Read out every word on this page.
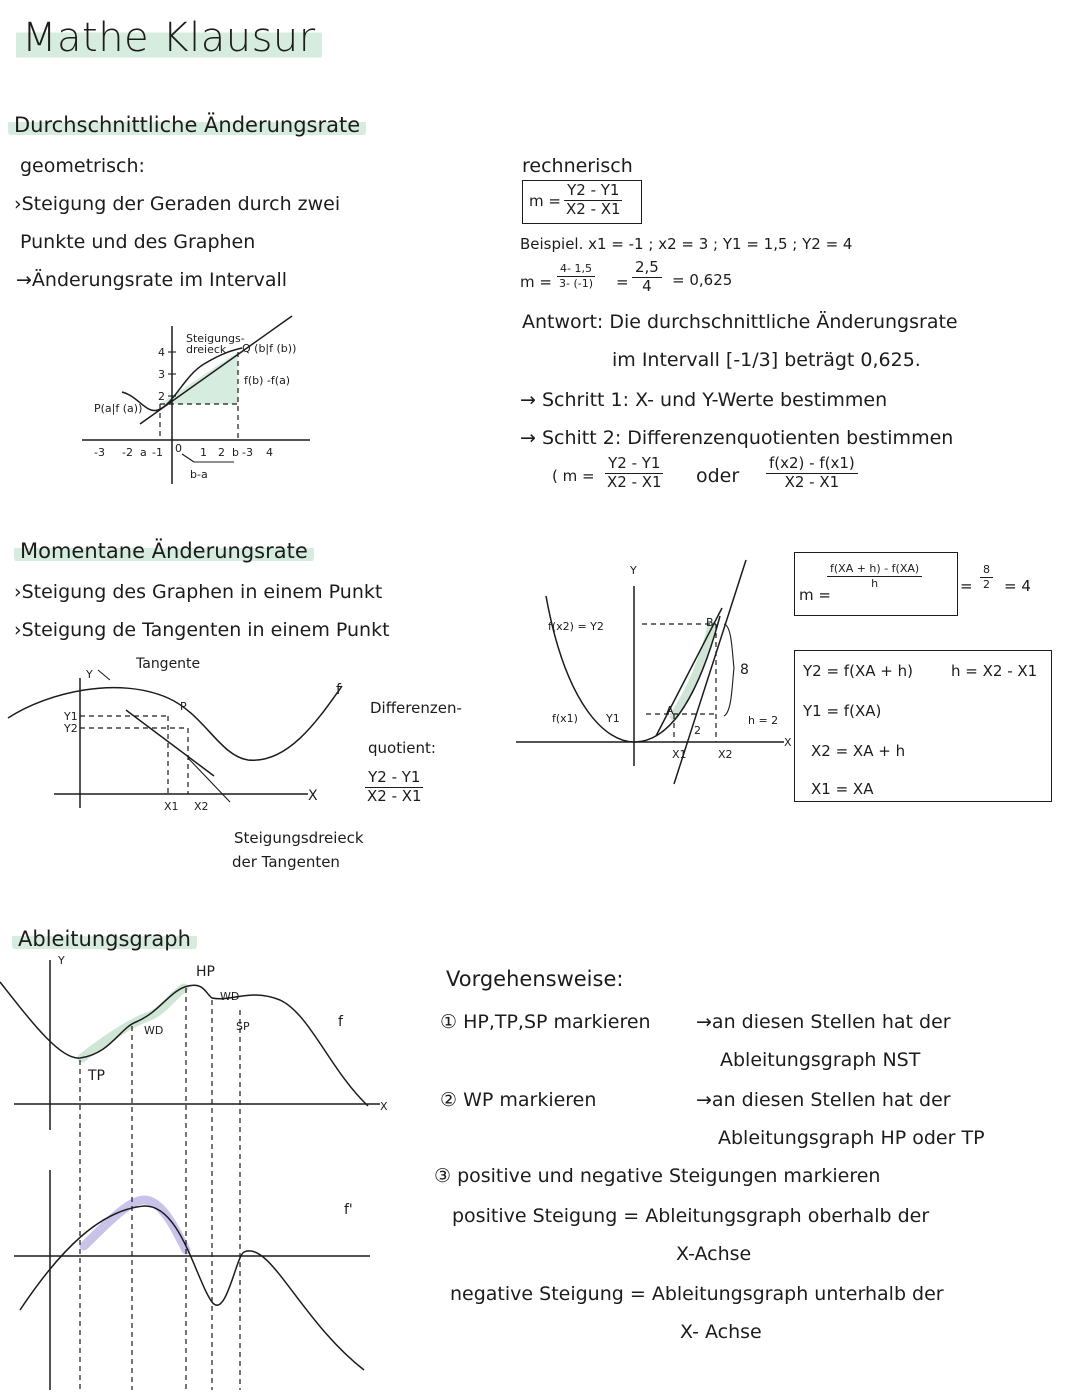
Mathe Klausur
Durchschnittliche Änderungsrate
geometrisch:
›Steigung der Geraden durch zwei
Punkte und des Graphen
→Änderungsrate im Intervall
Steigungs-dreieck	Q (b|f (b))
f(b) -f(a)
P(a|f (a))
b-a
4
3
2
-3 -2 a -1 0 1 2 b -3 4
rechnerisch
$m = \frac{Y2 - Y1}{X2 - X1}$
Beispiel. x1 = -1 ; x2 = 3 ; Y1 = 1,5 ; Y2 = 4
$m = \frac{4- 1,5}{3- (-1)} = \frac{2,5}{4} = 0,625$
Antwort: Die durchschnittliche Änderungsrate
im Intervall [-1/3] beträgt 0,625.
→ Schritt 1: X- und Y-Werte bestimmen
→ Schitt 2: Differenzenquotienten bestimmen
( $m = \frac{Y2 - Y1}{X2 - X1}$ oder $\frac{f(x2) - f(x1)}{X2 - X1}$
Momentane Änderungsrate
›Steigung des Graphen in einem Punkt
›Steigung de Tangenten in einem Punkt
Tangente
Y
P
f
Y1
Y2
X
X1 X2
Differenzen-
quotient:
$\frac{Y2 - Y1}{X2 - X1}$
Steigungsdreieck
der Tangenten
Y
f(x2) = Y2
f(x1)	Y1
A
B
8
2
h = 2
X
X1	X2
m =
$\frac{f(XA + h) - f(XA)}{h}$	= $\frac{8}{2} = 4$
Y2 = f(XA + h)	h = X2 - X1
Y1 = f(XA)
X2 = XA + h
X1 = XA
Ableitungsgraph
Y
HP
WD
WD
SP
TP
f
X
f'
Vorgehensweise:
① HP,TP,SP markieren →an diesen Stellen hat der
Ableitungsgraph NST
② WP markieren	→an diesen Stellen hat der
Ableitungsgraph HP oder TP
③ positive und negative Steigungen markieren
positive Steigung = Ableitungsgraph oberhalb der
X-Achse
negative Steigung = Ableitungsgraph unterhalb der
X- Achse
